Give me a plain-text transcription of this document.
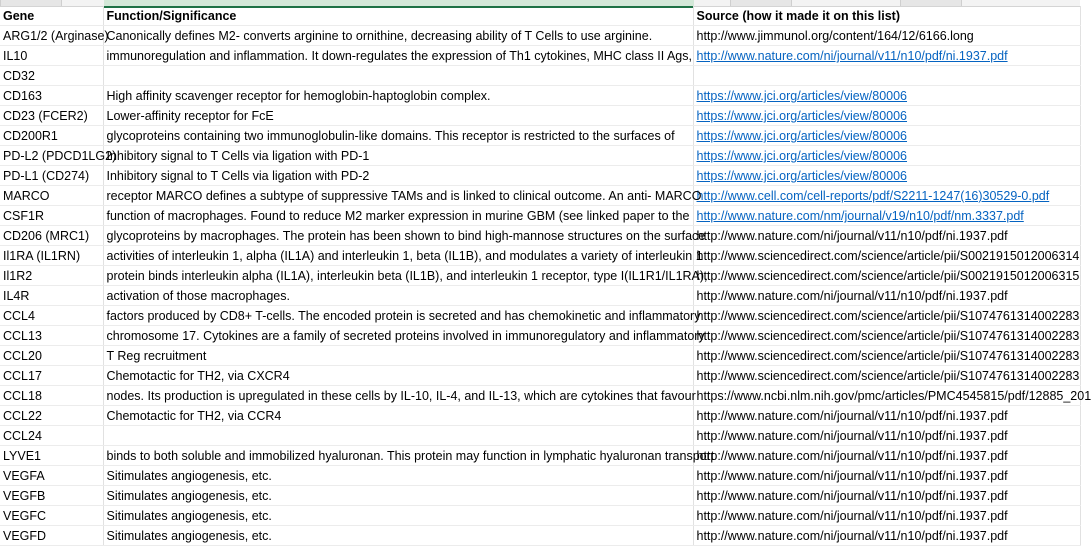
Gene	Function/Significance	Source (how it made it on this list)
ARG1/2 (Arginase)	Canonically defines M2- converts arginine to ornithine, decreasing ability of T Cells to use arginine.	http://www.jimmunol.org/content/164/12/6166.long
IL10	immunoregulation and inflammation. It down-regulates the expression of Th1 cytokines, MHC class II Ags,	http://www.nature.com/ni/journal/v11/n10/pdf/ni.1937.pdf
CD32		
CD163	High affinity scavenger receptor for hemoglobin-haptoglobin complex.	https://www.jci.org/articles/view/80006
CD23 (FCER2)	Lower-affinity receptor for FcE	https://www.jci.org/articles/view/80006
CD200R1	glycoproteins containing two immunoglobulin-like domains. This receptor is restricted to the surfaces of	https://www.jci.org/articles/view/80006
PD-L2 (PDCD1LG2)	Inhibitory signal to T Cells via ligation with PD-1	https://www.jci.org/articles/view/80006
PD-L1 (CD274)	Inhibitory signal to T Cells via ligation with PD-2	https://www.jci.org/articles/view/80006
MARCO	receptor MARCO defines a subtype of suppressive TAMs and is linked to clinical outcome. An anti- MARCO	http://www.cell.com/cell-reports/pdf/S2211-1247(16)30529-0.pdf
CSF1R	function of macrophages. Found to reduce M2 marker expression in murine GBM (see linked paper to the	http://www.nature.com/nm/journal/v19/n10/pdf/nm.3337.pdf
CD206 (MRC1)	glycoproteins by macrophages. The protein has been shown to bind high-mannose structures on the surface	http://www.nature.com/ni/journal/v11/n10/pdf/ni.1937.pdf
Il1RA (IL1RN)	activities of interleukin 1, alpha (IL1A) and interleukin 1, beta (IL1B), and modulates a variety of interleukin 1	http://www.sciencedirect.com/science/article/pii/S0021915012006314
Il1R2	protein binds interleukin alpha (IL1A), interleukin beta (IL1B), and interleukin 1 receptor, type I(IL1R1/IL1RA),	http://www.sciencedirect.com/science/article/pii/S0021915012006315
IL4R	activation of those macrophages.	http://www.nature.com/ni/journal/v11/n10/pdf/ni.1937.pdf
CCL4	factors produced by CD8+ T-cells. The encoded protein is secreted and has chemokinetic and inflammatory	http://www.sciencedirect.com/science/article/pii/S1074761314002283
CCL13	chromosome 17. Cytokines are a family of secreted proteins involved in immunoregulatory and inflammatory	http://www.sciencedirect.com/science/article/pii/S1074761314002283
CCL20	T Reg recruitment	http://www.sciencedirect.com/science/article/pii/S1074761314002283
CCL17	Chemotactic for TH2, via CXCR4	http://www.sciencedirect.com/science/article/pii/S1074761314002283
CCL18	nodes. Its production is upregulated in these cells by IL-10, IL-4, and IL-13, which are cytokines that favour	https://www.ncbi.nlm.nih.gov/pmc/articles/PMC4545815/pdf/12885_201
CCL22	Chemotactic for TH2, via CCR4	http://www.nature.com/ni/journal/v11/n10/pdf/ni.1937.pdf
CCL24		http://www.nature.com/ni/journal/v11/n10/pdf/ni.1937.pdf
LYVE1	binds to both soluble and immobilized hyaluronan. This protein may function in lymphatic hyaluronan transport	http://www.nature.com/ni/journal/v11/n10/pdf/ni.1937.pdf
VEGFA	Sitimulates angiogenesis, etc.	http://www.nature.com/ni/journal/v11/n10/pdf/ni.1937.pdf
VEGFB	Sitimulates angiogenesis, etc.	http://www.nature.com/ni/journal/v11/n10/pdf/ni.1937.pdf
VEGFC	Sitimulates angiogenesis, etc.	http://www.nature.com/ni/journal/v11/n10/pdf/ni.1937.pdf
VEGFD	Sitimulates angiogenesis, etc.	http://www.nature.com/ni/journal/v11/n10/pdf/ni.1937.pdf
